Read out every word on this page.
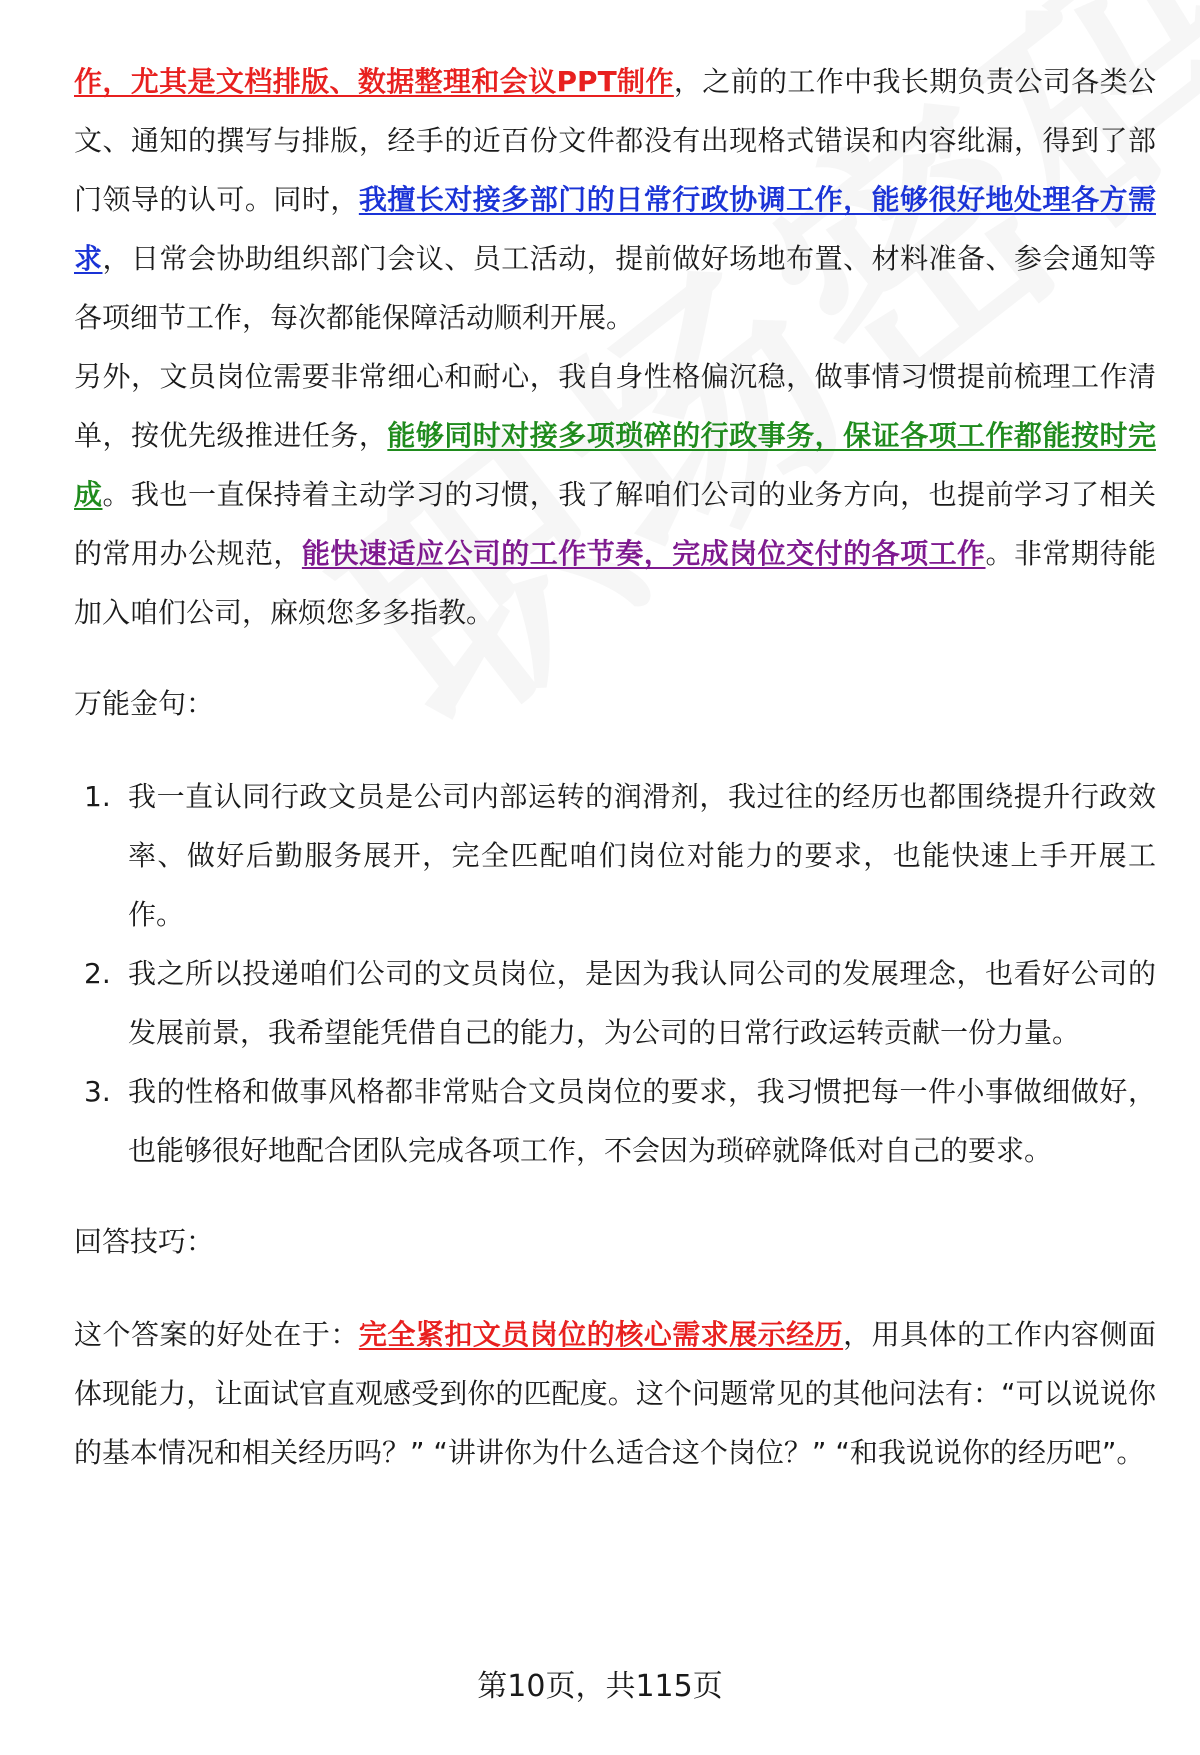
作，尤其是文档排版、数据整理和会议PPT制作，之前的工作中我长期负责公司各类公文、通知的撰写与排版，经手的近百份文件都没有出现格式错误和内容纰漏，得到了部门领导的认可。同时，我擅长对接多部门的日常行政协调工作，能够很好地处理各方需求，日常会协助组织部门会议、员工活动，提前做好场地布置、材料准备、参会通知等各项细节工作，每次都能保障活动顺利开展。

另外，文员岗位需要非常细心和耐心，我自身性格偏沉稳，做事情习惯提前梳理工作清单，按优先级推进任务，能够同时对接多项琐碎的行政事务，保证各项工作都能按时完成。我也一直保持着主动学习的习惯，我了解咱们公司的业务方向，也提前学习了相关的常用办公规范，能快速适应公司的工作节奏，完成岗位交付的各项工作。非常期待能加入咱们公司，麻烦您多多指教。

万能金句：

1. 我一直认同行政文员是公司内部运转的润滑剂，我过往的经历也都围绕提升行政效率、做好后勤服务展开，完全匹配咱们岗位对能力的要求，也能快速上手开展工作。
2. 我之所以投递咱们公司的文员岗位，是因为我认同公司的发展理念，也看好公司的发展前景，我希望能凭借自己的能力，为公司的日常行政运转贡献一份力量。
3. 我的性格和做事风格都非常贴合文员岗位的要求，我习惯把每一件小事做细做好，也能够很好地配合团队完成各项工作，不会因为琐碎就降低对自己的要求。

回答技巧：

这个答案的好处在于：完全紧扣文员岗位的核心需求展示经历，用具体的工作内容侧面体现能力，让面试官直观感受到你的匹配度。这个问题常见的其他问法有：“可以说说你的基本情况和相关经历吗？” “讲讲你为什么适合这个岗位？” “和我说说你的经历吧”。

第10页，共115页
